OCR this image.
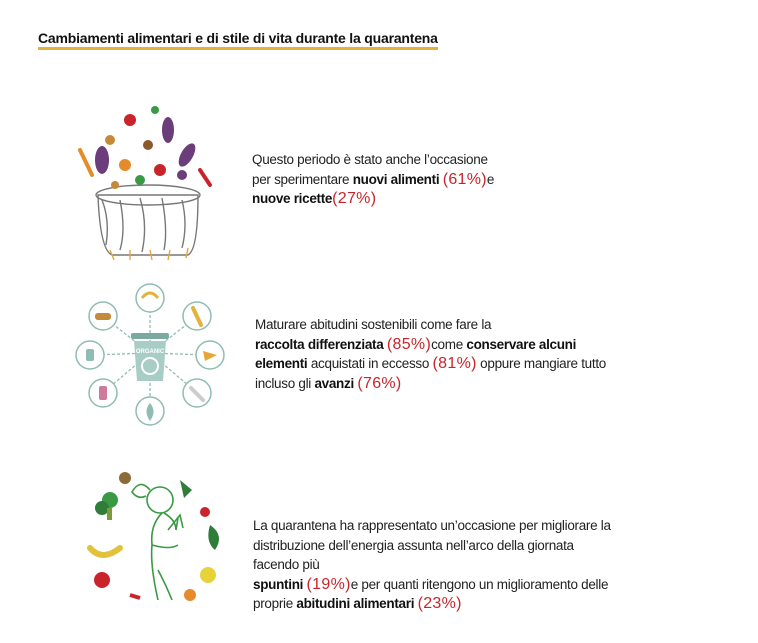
Cambiamenti alimentari e di stile di vita durante la quarantena
ORGANIC
Questo periodo è stato anche l’occasione
per sperimentare nuovi alimenti (61%)e
nuove ricette(27%)
Maturare abitudini sostenibili come fare la
raccolta differenziata (85%)come conservare alcuni
elementi acquistati in eccesso (81%) oppure mangiare tutto
incluso gli avanzi (76%)
La quarantena ha rappresentato un’occasione per migliorare la
distribuzione dell’energia assunta nell’arco della giornata facendo più
spuntini (19%)e per quanti ritengono un miglioramento delle
proprie abitudini alimentari (23%)
